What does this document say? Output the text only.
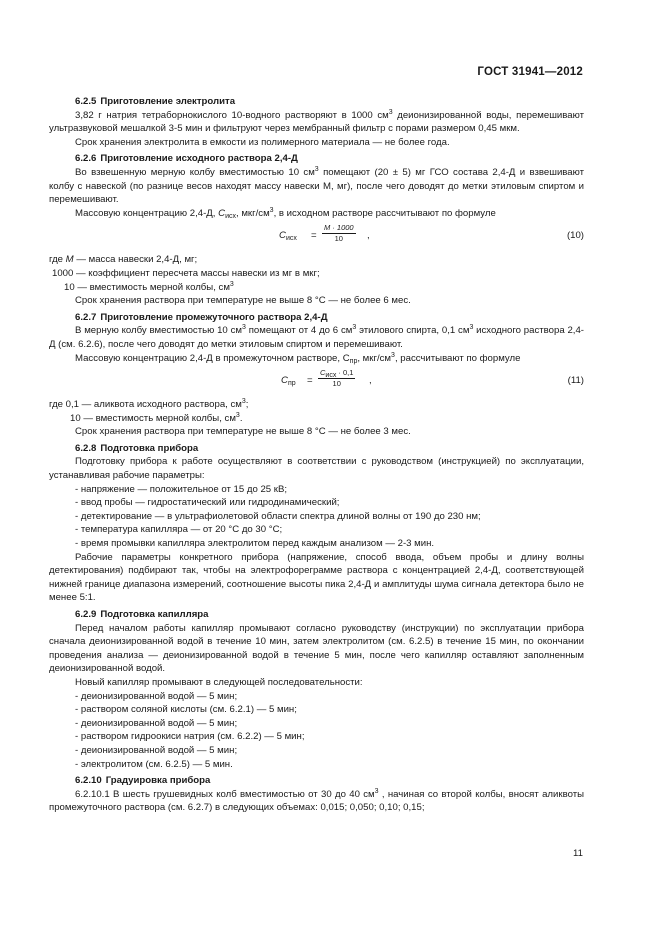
ГОСТ 31941—2012
6.2.5 Приготовление электролита

3,82 г натрия тетраборнокислого 10-водного растворяют в 1000 $см^3$ деионизированной воды, перемешивают ультразвуковой мешалкой 3-5 мин и фильтруют через мембранный фильтр с порами размером 0,45 мкм.

Срок хранения электролита в емкости из полимерного материала — не более года.

6.2.6 Приготовление исходного раствора 2,4-Д

Во взвешенную мерную колбу вместимостью 10 $см^3$ помещают (20 ± 5) мг ГСО состава 2,4-Д и взвешивают колбу с навеской (по разнице весов находят массу навески М, мг), после чего доводят до метки этиловым спиртом и перемешивают.

Массовую концентрацию 2,4-Д, $С_{исх}$, мкг/$см^3$, в исходном растворе рассчитывают по формуле

$С_{исх}$ =
М · 1000
10	,	(10)

где М — масса навески 2,4-Д, мг;

1000 — коэффициент пересчета массы навески из мг в мкг;

10 — вместимость мерной колбы, $см^3$

Срок хранения раствора при температуре не выше 8 °С — не более 6 мес.

6.2.7 Приготовление промежуточного раствора 2,4-Д

В мерную колбу вместимостью 10 $см^3$ помещают от 4 до 6 $см^3$ этилового спирта, 0,1 $см^3$ исходного раствора 2,4-Д (см. 6.2.6), после чего доводят до метки этиловым спиртом и перемешивают.

Массовую концентрацию 2,4-Д в промежуточном растворе, $С_{пр}$, мкг/$см^3$, рассчитывают по формуле

$С_{пр}$ =
$С_{исх} \cdot 0,1$
10	,	(11)

где 0,1 — аликвота исходного раствора, $см^3$;

10 — вместимость мерной колбы, $см^3$.

Срок хранения раствора при температуре не выше 8 °С — не более 3 мес.

6.2.8 Подготовка прибора

Подготовку прибора к работе осуществляют в соответствии с руководством (инструкцией) по эксплуатации, устанавливая рабочие параметры:

- напряжение — положительное от 15 до 25 кВ;

- ввод пробы — гидростатический или гидродинамический;

- детектирование — в ультрафиолетовой области спектра длиной волны от 190 до 230 нм;

- температура капилляра — от 20 °С до 30 °С;

- время промывки капилляра электролитом перед каждым анализом — 2-3 мин.

Рабочие параметры конкретного прибора (напряжение, способ ввода, объем пробы и длину волны детектирования) подбирают так, чтобы на электрофореграмме раствора с концентрацией 2,4-Д, соответствующей нижней границе диапазона измерений, соотношение высоты пика 2,4-Д и амплитуды шума сигнала детектора было не менее 5:1.

6.2.9 Подготовка капилляра

Перед началом работы капилляр промывают согласно руководству (инструкции) по эксплуатации прибора сначала деионизированной водой в течение 10 мин, затем электролитом (см. 6.2.5) в течение 15 мин, по окончании проведения анализа — деионизированной водой в течение 5 мин, после чего капилляр оставляют заполненным деионизированной водой.

Новый капилляр промывают в следующей последовательности:

- деионизированной водой — 5 мин;

- раствором соляной кислоты (см. 6.2.1) — 5 мин;

- деионизированной водой — 5 мин;

- раствором гидроокиси натрия (см. 6.2.2) — 5 мин;

- деионизированной водой — 5 мин;

- электролитом (см. 6.2.5) — 5 мин.

6.2.10 Градуировка прибора

6.2.10.1 В шесть грушевидных колб вместимостью от 30 до 40 $см^3$ , начиная со второй колбы, вносят аликвоты промежуточного раствора (см. 6.2.7) в следующих объемах: 0,015; 0,050; 0,10; 0,15;

11
